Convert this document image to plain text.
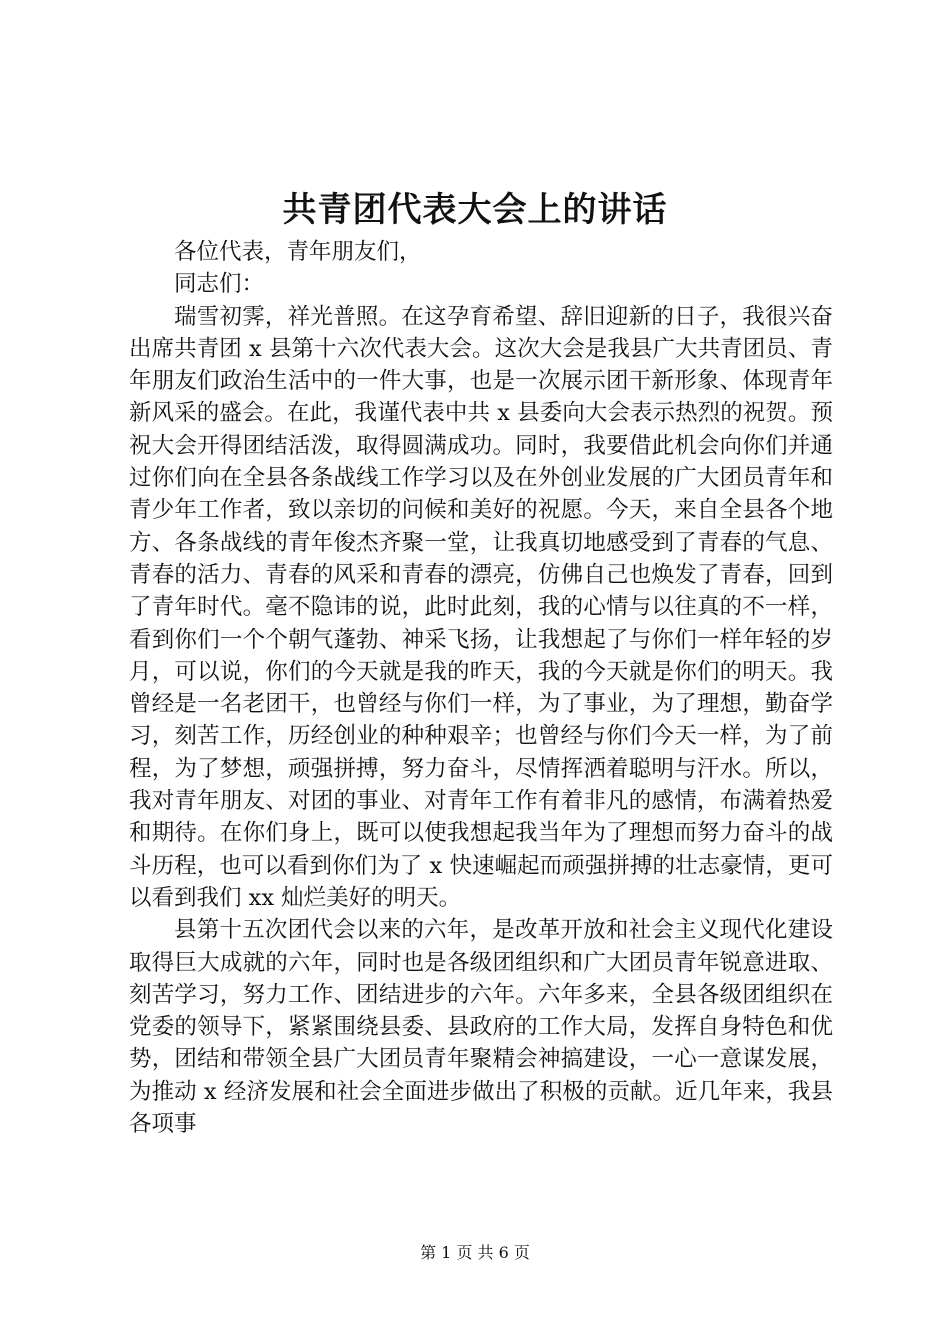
共青团代表大会上的讲话

各位代表，青年朋友们，

同志们：

瑞雪初霁，祥光普照。在这孕育希望、辞旧迎新的日子，我很兴奋出席共青团 x 县第十六次代表大会。这次大会是我县广大共青团员、青年朋友们政治生活中的一件大事，也是一次展示团干新形象、体现青年新风采的盛会。在此，我谨代表中共 x 县委向大会表示热烈的祝贺。预祝大会开得团结活泼，取得圆满成功。同时，我要借此机会向你们并通过你们向在全县各条战线工作学习以及在外创业发展的广大团员青年和青少年工作者，致以亲切的问候和美好的祝愿。今天，来自全县各个地方、各条战线的青年俊杰齐聚一堂，让我真切地感受到了青春的气息、青春的活力、青春的风采和青春的漂亮，仿佛自己也焕发了青春，回到了青年时代。毫不隐讳的说，此时此刻，我的心情与以往真的不一样，看到你们一个个朝气蓬勃、神采飞扬，让我想起了与你们一样年轻的岁月，可以说，你们的今天就是我的昨天，我的今天就是你们的明天。我曾经是一名老团干，也曾经与你们一样，为了事业，为了理想，勤奋学习，刻苦工作，历经创业的种种艰辛；也曾经与你们今天一样，为了前程，为了梦想，顽强拼搏，努力奋斗，尽情挥洒着聪明与汗水。所以，我对青年朋友、对团的事业、对青年工作有着非凡的感情，布满着热爱和期待。在你们身上，既可以使我想起我当年为了理想而努力奋斗的战斗历程，也可以看到你们为了 x 快速崛起而顽强拼搏的壮志豪情，更可以看到我们 xx 灿烂美好的明天。

县第十五次团代会以来的六年，是改革开放和社会主义现代化建设取得巨大成就的六年，同时也是各级团组织和广大团员青年锐意进取、刻苦学习，努力工作、团结进步的六年。六年多来，全县各级团组织在党委的领导下，紧紧围绕县委、县政府的工作大局，发挥自身特色和优势，团结和带领全县广大团员青年聚精会神搞建设，一心一意谋发展，为推动 x 经济发展和社会全面进步做出了积极的贡献。近几年来，我县各项事

第 1 页 共 6 页
